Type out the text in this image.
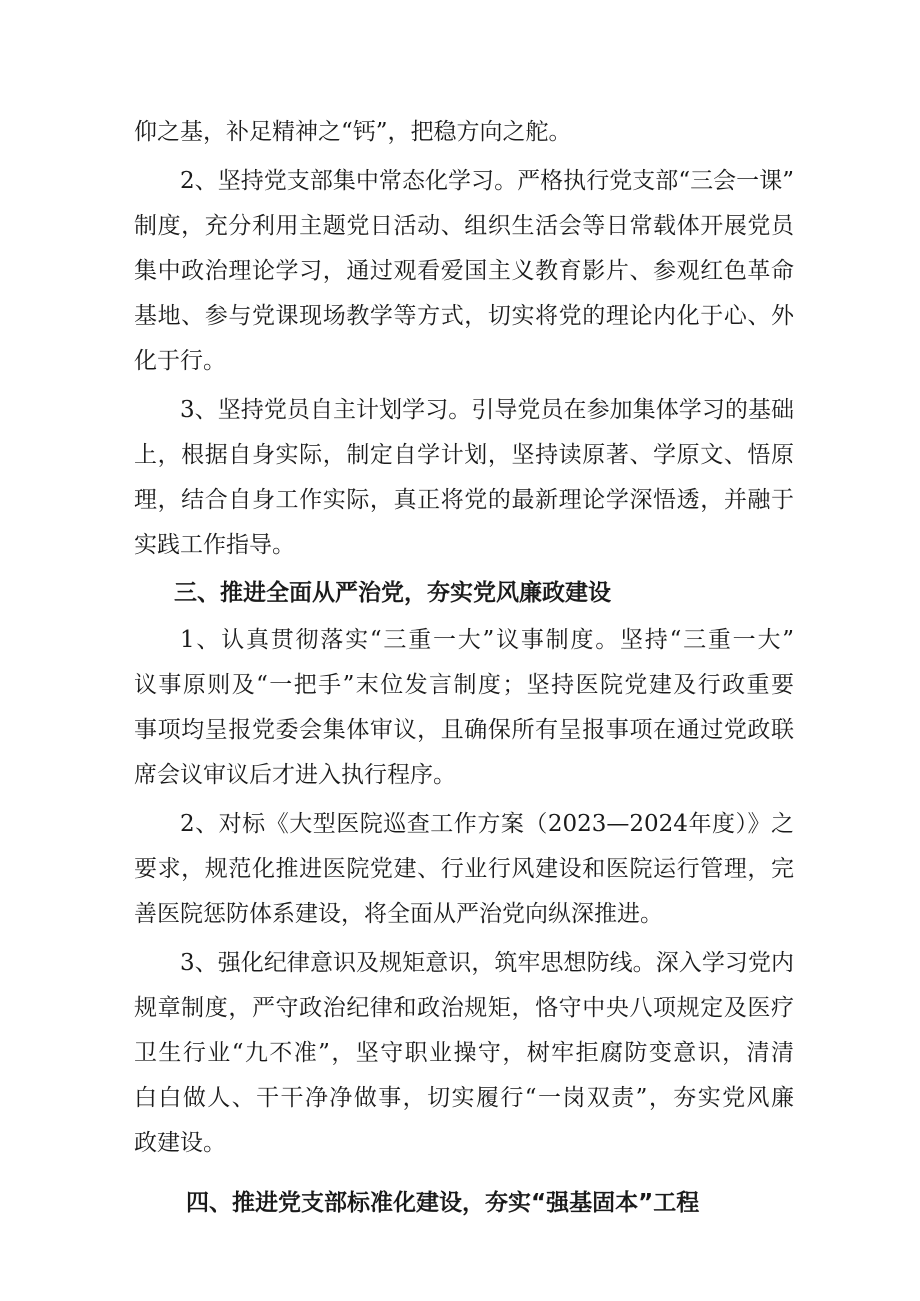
仰之基，补足精神之“钙”，把稳方向之舵。
2、坚持党支部集中常态化学习。严格执行党支部“三会一课”
制度，充分利用主题党日活动、组织生活会等日常载体开展党员
集中政治理论学习，通过观看爱国主义教育影片、参观红色革命
基地、参与党课现场教学等方式，切实将党的理论内化于心、外
化于行。
3、坚持党员自主计划学习。引导党员在参加集体学习的基础
上，根据自身实际，制定自学计划，坚持读原著、学原文、悟原
理，结合自身工作实际，真正将党的最新理论学深悟透，并融于
实践工作指导。
三、推进全面从严治党，夯实党风廉政建设
1、认真贯彻落实“三重一大”议事制度。坚持“三重一大”
议事原则及“一把手”末位发言制度；坚持医院党建及行政重要
事项均呈报党委会集体审议，且确保所有呈报事项在通过党政联
席会议审议后才进入执行程序。
2、对标《大型医院巡查工作方案（2023—2024年度）》之
要求，规范化推进医院党建、行业行风建设和医院运行管理，完
善医院惩防体系建设，将全面从严治党向纵深推进。
3、强化纪律意识及规矩意识，筑牢思想防线。深入学习党内
规章制度，严守政治纪律和政治规矩，恪守中央八项规定及医疗
卫生行业“九不准”，坚守职业操守，树牢拒腐防变意识，清清
白白做人、干干净净做事，切实履行“一岗双责”，夯实党风廉
政建设。
四、推进党支部标准化建设，夯实“强基固本”工程
